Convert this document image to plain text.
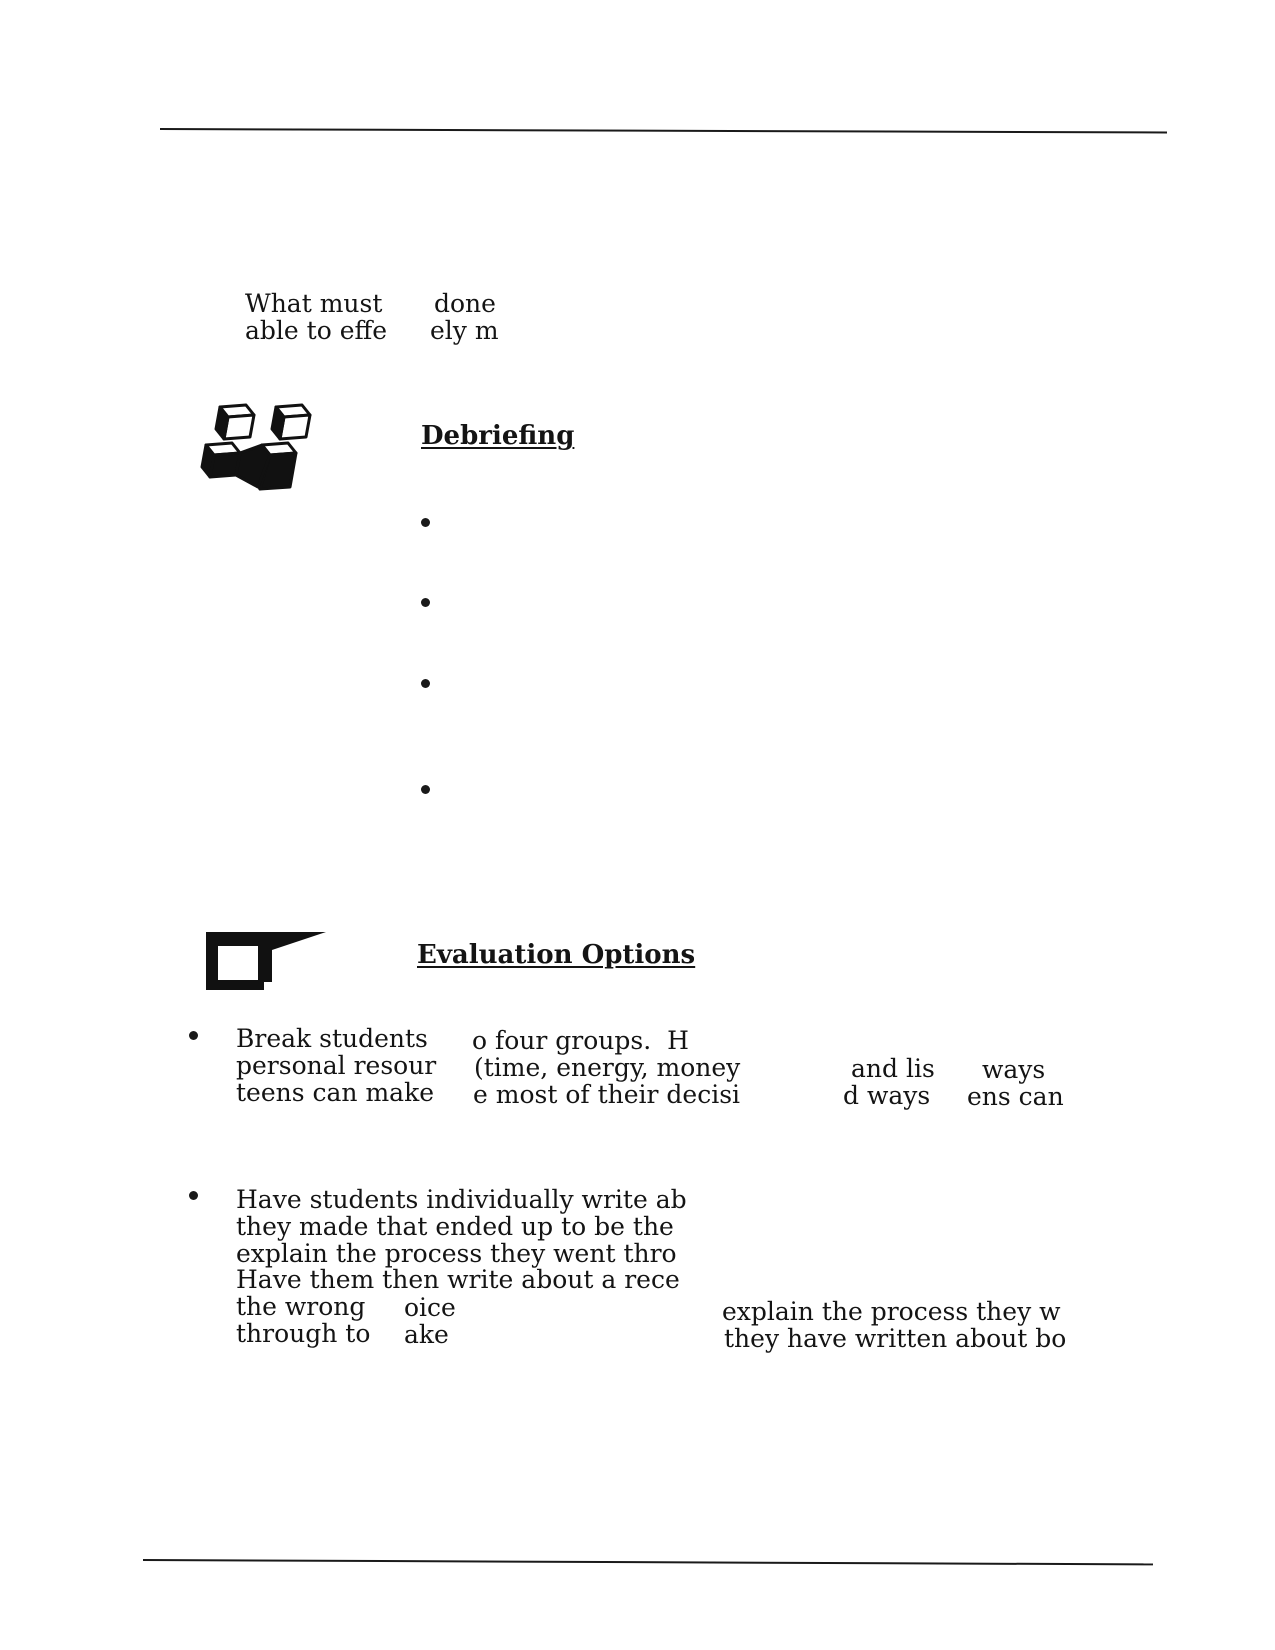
What must
able to effe
done
ely m
Debriefing
Evaluation Options
Break students
personal resour
teens can make
o four groups.  H
(time, energy, money
e most of their decisi
and lis
d ways
ways
ens can
Have students individually write ab
they made that ended up to be the
explain the process they went thro
Have them then write about a rece
the wrong
through to
oice
ake
explain the process they w
they have written about bo
